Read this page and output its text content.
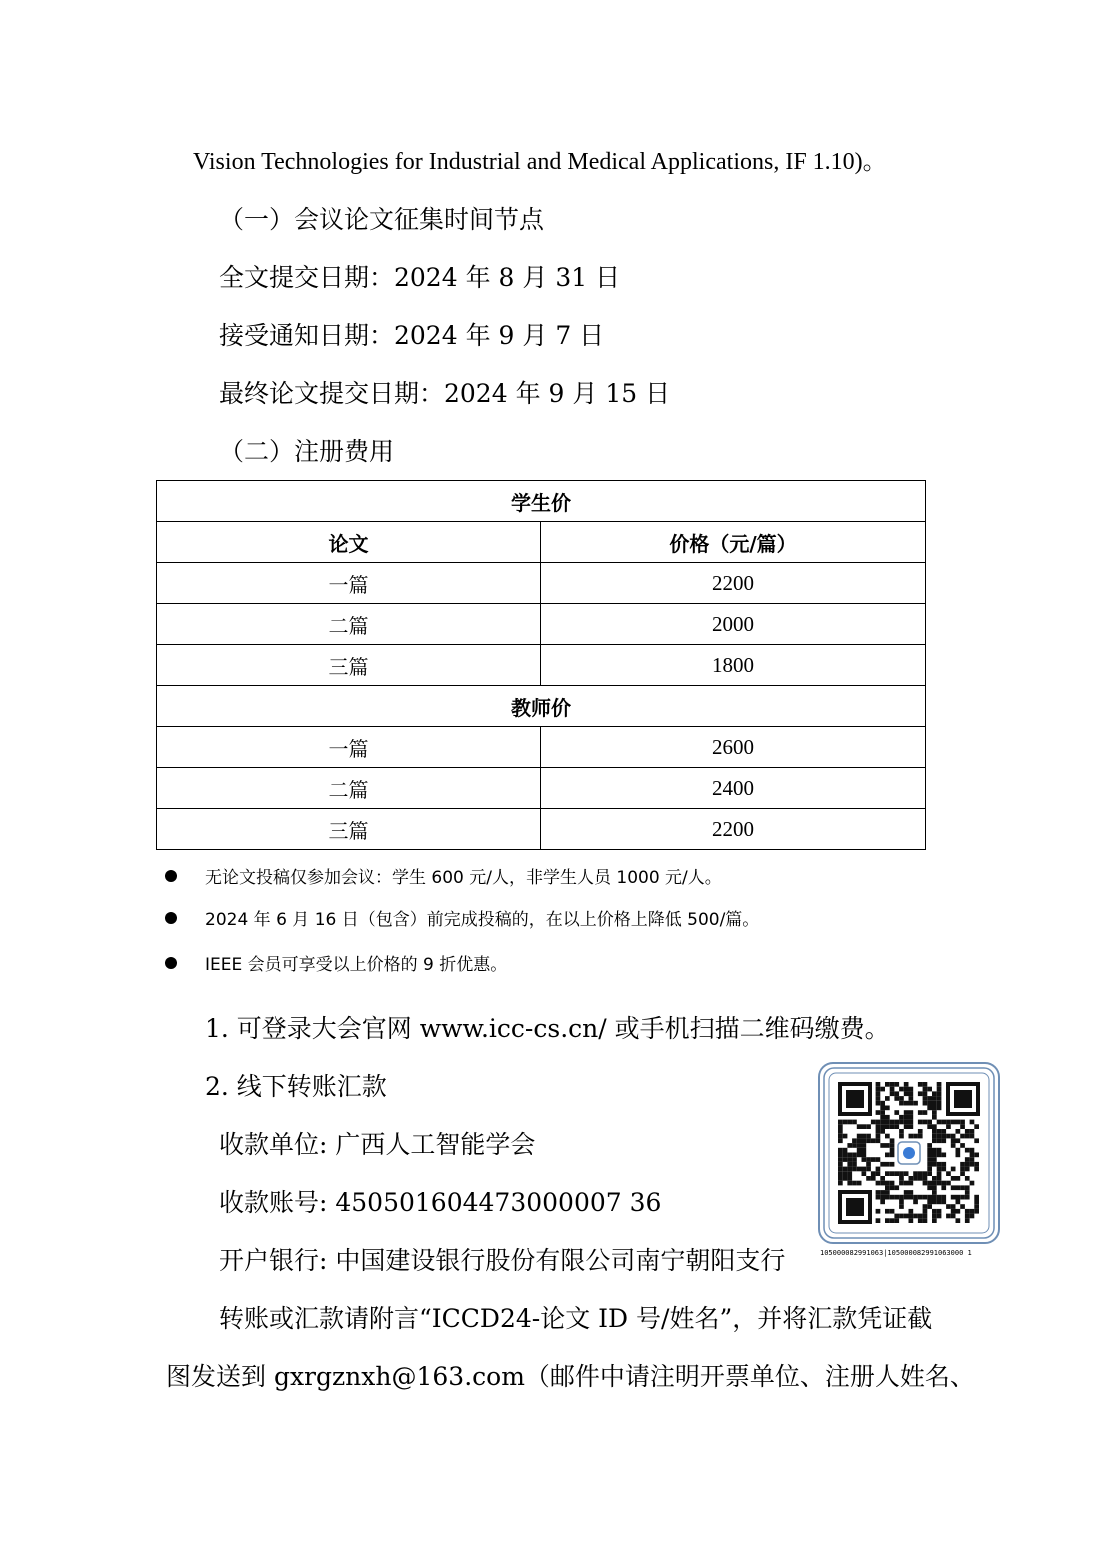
Vision Technologies for Industrial and Medical Applications, IF 1.10)。
（一）会议论文征集时间节点
全文提交日期：2024 年 8 月 31 日
接受通知日期：2024 年 9 月 7 日
最终论文提交日期：2024 年 9 月 15 日
（二）注册费用
学生价	
论文	价格（元/篇）
一篇	2200
二篇	2000
三篇	1800
教师价	
一篇	2600
二篇	2400
三篇	2200
无论文投稿仅参加会议：学生 600 元/人，非学生人员 1000 元/人。
2024 年 6 月 16 日（包含）前完成投稿的，在以上价格上降低 500/篇。
IEEE 会员可享受以上价格的 9 折优惠。
1. 可登录大会官网 www.icc-cs.cn/ 或手机扫描二维码缴费。
2. 线下转账汇款
收款单位: 广西人工智能学会
收款账号: 450501604473000007 36
开户银行: 中国建设银行股份有限公司南宁朝阳支行
转账或汇款请附言“ICCD24-论文 ID 号/姓名”，并将汇款凭证截
图发送到 gxrgznxh@163.com（邮件中请注明开票单位、注册人姓名、
105000082991063|105000082991063000 1
